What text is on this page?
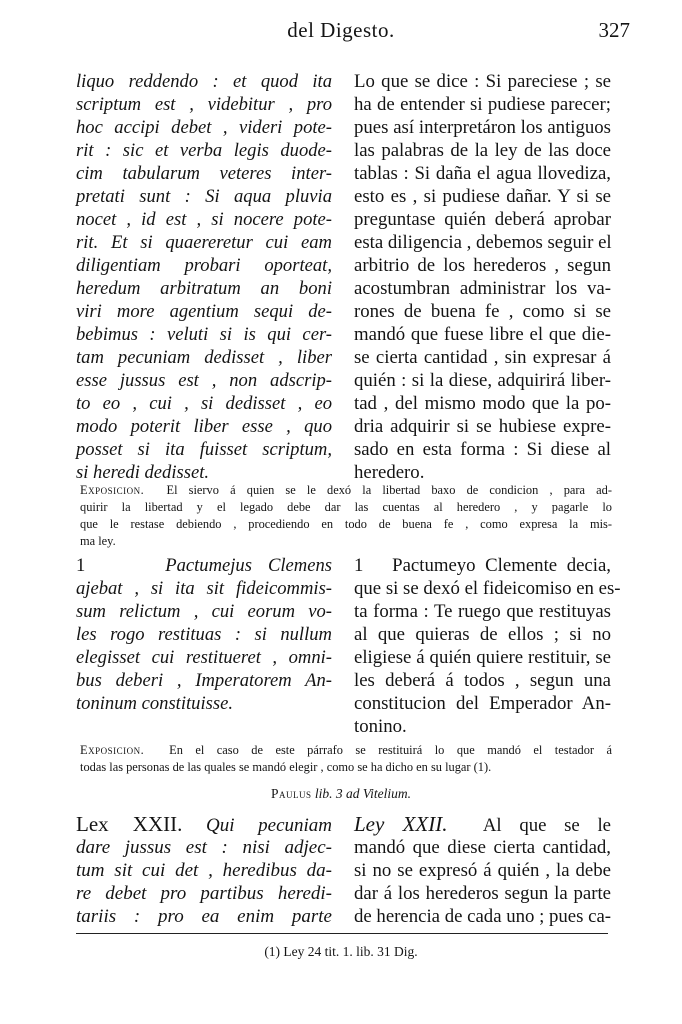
del Digesto.	327
liquo reddendo : et quod ita
scriptum est , videbitur , pro
hoc accipi debet , videri pote-
rit : sic et verba legis duode-
cim tabularum veteres inter-
pretati sunt : Si aqua pluvia
nocet , id est , si nocere pote-
rit. Et si quaereretur cui eam
diligentiam probari oporteat,
heredum arbitratum an boni
viri more agentium sequi de-
bebimus : veluti si is qui cer-
tam pecuniam dedisset , liber
esse jussus est , non adscrip-
to eo , cui , si dedisset , eo
modo poterit liber esse , quo
posset si ita fuisset scriptum,
si heredi dedisset.
Lo que se dice : Si pareciese ; se
ha de entender si pudiese parecer;
pues así interpretáron los antiguos
las palabras de la ley de las doce
tablas : Si daña el agua llovediza,
esto es , si pudiese dañar. Y si se
preguntase quién deberá aprobar
esta diligencia , debemos seguir el
arbitrio de los herederos , segun
acostumbran administrar los va-
rones de buena fe , como si se
mandó que fuese libre el que die-
se cierta cantidad , sin expresar á
quién : si la diese, adquirirá liber-
tad , del mismo modo que la po-
dria adquirir si se hubiese expre-
sado en esta forma : Si diese al
heredero.
Exposicion. El siervo á quien se le dexó la libertad baxo de condicion , para ad-
quirir la libertad y el legado debe dar las cuentas al heredero , y pagarle lo
que le restase debiendo , procediendo en todo de buena fe , como expresa la mis-
ma ley.
1	Pactumejus Clemens
ajebat , si ita sit fideicommis-
sum relictum , cui eorum vo-
les rogo restituas : si nullum
elegisset cui restitueret , omni-
bus deberi , Imperatorem An-
toninum constituisse.
1 Pactumeyo Clemente decia,
que si se dexó el fideicomiso en es-
ta forma : Te ruego que restituyas
al que quieras de ellos ; si no
eligiese á quién quiere restituir, se
les deberá á todos , segun una
constitucion del Emperador An-
tonino.
Exposicion. En el caso de este párrafo se restituirá lo que mandó el testador á
todas las personas de las quales se mandó elegir , como se ha dicho en su lugar (1).
Paulus lib. 3 ad Vitelium.
Lex XXII. Qui pecuniam
dare jussus est : nisi adjec-
tum sit cui det , heredibus da-
re debet pro partibus heredi-
tariis : pro ea enim parte
Ley XXII. Al que se le
mandó que diese cierta cantidad,
si no se expresó á quién , la debe
dar á los herederos segun la parte
de herencia de cada uno ; pues ca-
(1) Ley 24 tit. 1. lib. 31 Dig.
